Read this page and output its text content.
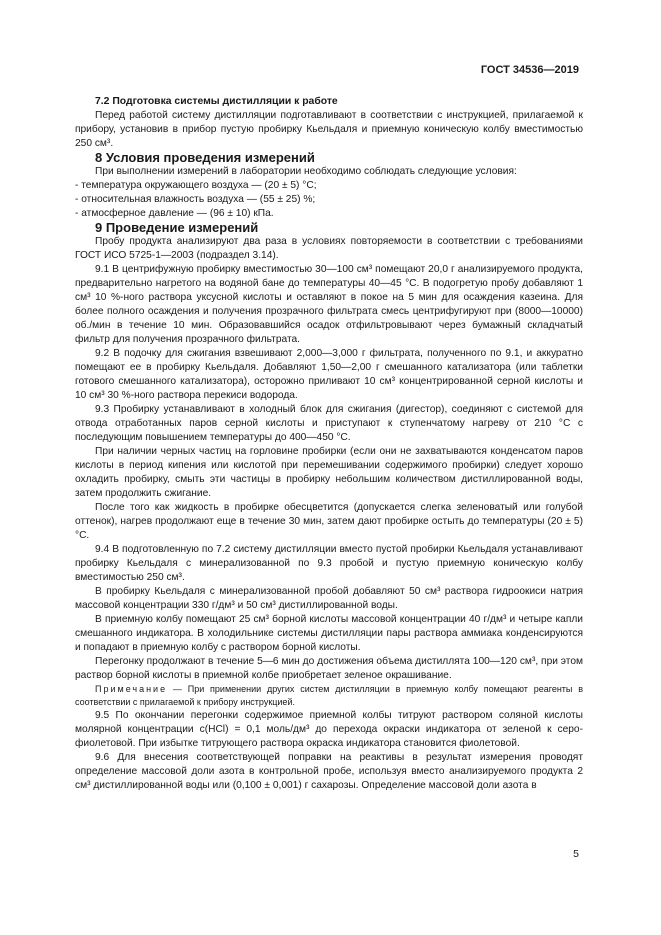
ГОСТ 34536—2019

7.2 Подготовка системы дистилляции к работе

Перед работой систему дистилляции подготавливают в соответствии с инструкцией, прилагаемой к прибору, установив в прибор пустую пробирку Кьельдаля и приемную коническую колбу вместимостью 250 см³.

8 Условия проведения измерений

При выполнении измерений в лаборатории необходимо соблюдать следующие условия:

- температура окружающего воздуха — (20 ± 5) °С;

- относительная влажность воздуха — (55 ± 25) %;

- атмосферное давление — (96 ± 10) кПа.

9 Проведение измерений

Пробу продукта анализируют два раза в условиях повторяемости в соответствии с требованиями ГОСТ ИСО 5725-1—2003 (подраздел 3.14).

9.1 В центрифужную пробирку вместимостью 30—100 см³ помещают 20,0 г анализируемого продукта, предварительно нагретого на водяной бане до температуры 40—45 °С. В подогретую пробу добавляют 1 см³ 10 %-ного раствора уксусной кислоты и оставляют в покое на 5 мин для осаждения казеина. Для более полного осаждения и получения прозрачного фильтрата смесь центрифугируют при (8000—10000) об./мин в течение 10 мин. Образовавшийся осадок отфильтровывают через бумажный складчатый фильтр для получения прозрачного фильтрата.

9.2 В подочку для сжигания взвешивают 2,000—3,000 г фильтрата, полученного по 9.1, и аккуратно помещают ее в пробирку Кьельдаля. Добавляют 1,50—2,00 г смешанного катализатора (или таблетки готового смешанного катализатора), осторожно приливают 10 см³ концентрированной серной кислоты и 10 см³ 30 %-ного раствора перекиси водорода.

9.3 Пробирку устанавливают в холодный блок для сжигания (дигестор), соединяют с системой для отвода отработанных паров серной кислоты и приступают к ступенчатому нагреву от 210 °С с последующим повышением температуры до 400—450 °С.

При наличии черных частиц на горловине пробирки (если они не захватываются конденсатом паров кислоты в период кипения или кислотой при перемешивании содержимого пробирки) следует хорошо охладить пробирку, смыть эти частицы в пробирку небольшим количеством дистиллированной воды, затем продолжить сжигание.

После того как жидкость в пробирке обесцветится (допускается слегка зеленоватый или голубой оттенок), нагрев продолжают еще в течение 30 мин, затем дают пробирке остыть до температуры (20 ± 5) °С.

9.4 В подготовленную по 7.2 систему дистилляции вместо пустой пробирки Кьельдаля устанавливают пробирку Кьельдаля с минерализованной по 9.3 пробой и пустую приемную коническую колбу вместимостью 250 см³.

В пробирку Кьельдаля с минерализованной пробой добавляют 50 см³ раствора гидроокиси натрия массовой концентрации 330 г/дм³ и 50 см³ дистиллированной воды.

В приемную колбу помещают 25 см³ борной кислоты массовой концентрации 40 г/дм³ и четыре капли смешанного индикатора. В холодильнике системы дистилляции пары раствора аммиака конденсируются и попадают в приемную колбу с раствором борной кислоты.

Перегонку продолжают в течение 5—6 мин до достижения объема дистиллята 100—120 см³, при этом раствор борной кислоты в приемной колбе приобретает зеленое окрашивание.

Примечание — При применении других систем дистилляции в приемную колбу помещают реагенты в соответствии с прилагаемой к прибору инструкцией.

9.5 По окончании перегонки содержимое приемной колбы титруют раствором соляной кислоты молярной концентрации c(HCl) = 0,1 моль/дм³ до перехода окраски индикатора от зеленой к серо-фиолетовой. При избытке титрующего раствора окраска индикатора становится фиолетовой.

9.6 Для внесения соответствующей поправки на реактивы в результат измерения проводят определение массовой доли азота в контрольной пробе, используя вместо анализируемого продукта 2 см³ дистиллированной воды или (0,100 ± 0,001) г сахарозы. Определение массовой доли азота в

5
